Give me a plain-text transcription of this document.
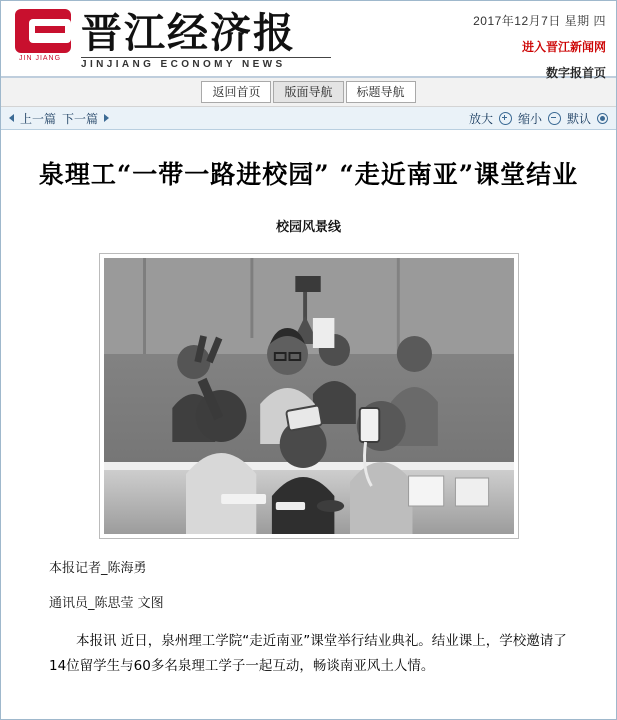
JIN JIANG
晋江经济报
JINJIANG ECONOMY NEWS
2017年12月7日 星期 四
进入晋江新闻网
数字报首页
返回首页	版面导航	标题导航
上一篇 下一篇	放大 缩小 默认
泉理工“一带一路进校园” “走近南亚”课堂结业
校园风景线
本报记者_陈海勇
通讯员_陈思莹 文图

本报讯 近日，泉州理工学院“走近南亚”课堂举行结业典礼。结业课上，学校邀请了14位留学生与60多名泉理工学子一起互动，畅谈南亚风土人情。
